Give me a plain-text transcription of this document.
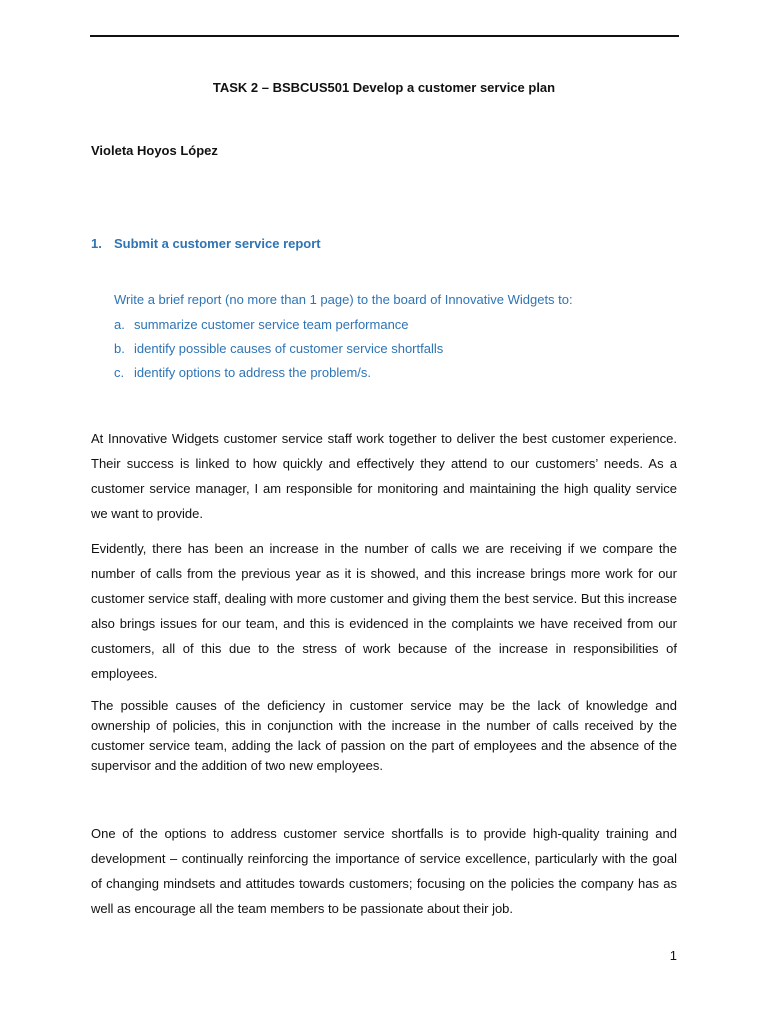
TASK 2 – BSBCUS501 Develop a customer service plan

Violeta Hoyos López

1. Submit a customer service report

Write a brief report (no more than 1 page) to the board of Innovative Widgets to:

a. summarize customer service team performance
b. identify possible causes of customer service shortfalls
c. identify options to address the problem/s.

At Innovative Widgets customer service staff work together to deliver the best customer experience. Their success is linked to how quickly and effectively they attend to our customers’ needs. As a customer service manager, I am responsible for monitoring and maintaining the high quality service we want to provide.

Evidently, there has been an increase in the number of calls we are receiving if we compare the number of calls from the previous year as it is showed, and this increase brings more work for our customer service staff, dealing with more customer and giving them the best service. But this increase also brings issues for our team, and this is evidenced in the complaints we have received from our customers, all of this due to the stress of work because of the increase in responsibilities of employees.

The possible causes of the deficiency in customer service may be the lack of knowledge and ownership of policies, this in conjunction with the increase in the number of calls received by the customer service team, adding the lack of passion on the part of employees and the absence of the supervisor and the addition of two new employees.

One of the options to address customer service shortfalls is to provide high-quality training and development – continually reinforcing the importance of service excellence, particularly with the goal of changing mindsets and attitudes towards customers; focusing on the policies the company has as well as encourage all the team members to be passionate about their job.

1
